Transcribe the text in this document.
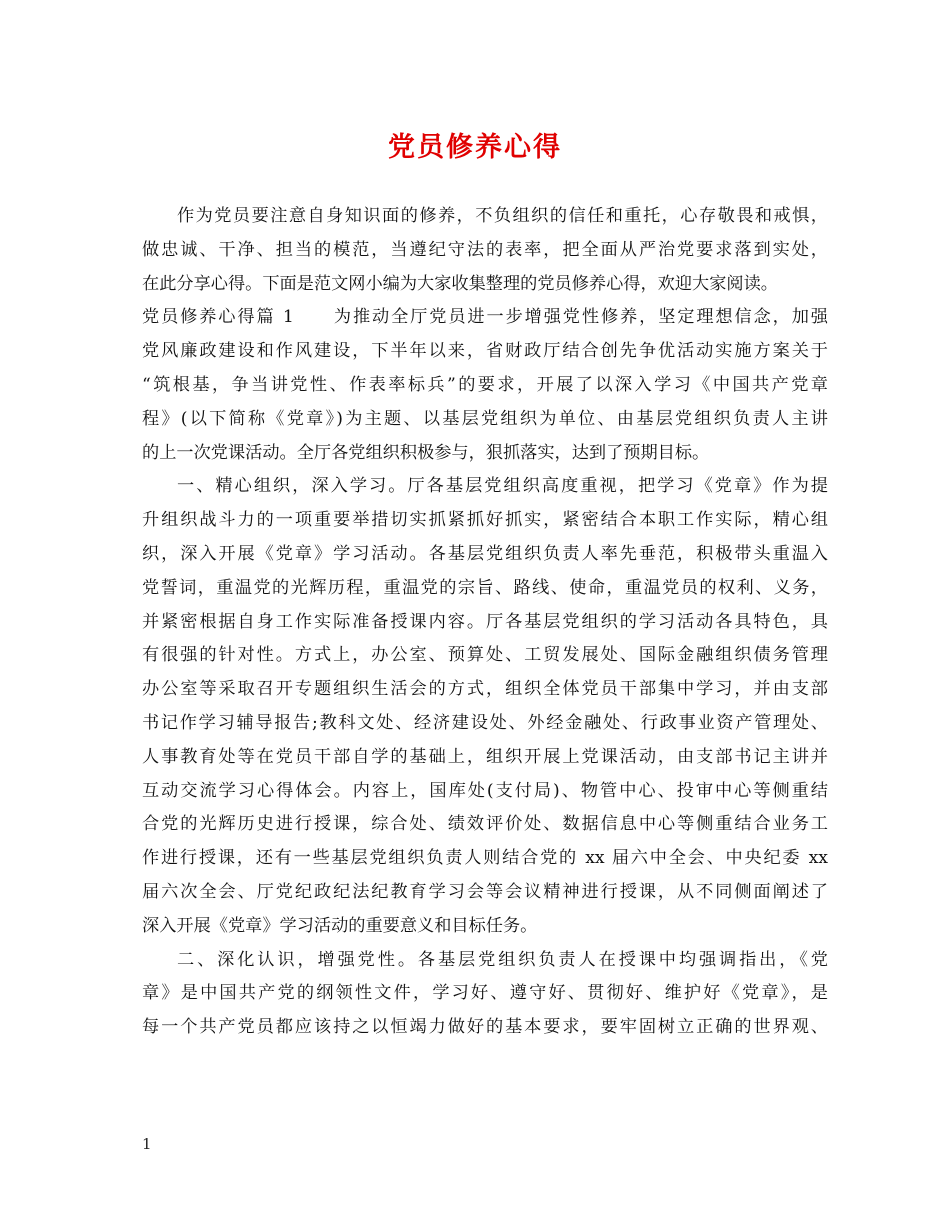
党员修养心得
作为党员要注意自身知识面的修养，不负组织的信任和重托，心存敬畏和戒惧，
做忠诚、干净、担当的模范，当遵纪守法的表率，把全面从严治党要求落到实处，
在此分享心得。下面是范文网小编为大家收集整理的党员修养心得，欢迎大家阅读。
党员修养心得篇 1　　为推动全厅党员进一步增强党性修养，坚定理想信念，加强
党风廉政建设和作风建设，下半年以来，省财政厅结合创先争优活动实施方案关于
“筑根基，争当讲党性、作表率标兵”的要求，开展了以深入学习《中国共产党章
程》(以下简称《党章》)为主题、以基层党组织为单位、由基层党组织负责人主讲
的上一次党课活动。全厅各党组织积极参与，狠抓落实，达到了预期目标。
一、精心组织，深入学习。厅各基层党组织高度重视，把学习《党章》作为提
升组织战斗力的一项重要举措切实抓紧抓好抓实，紧密结合本职工作实际，精心组
织，深入开展《党章》学习活动。各基层党组织负责人率先垂范，积极带头重温入
党誓词，重温党的光辉历程，重温党的宗旨、路线、使命，重温党员的权利、义务，
并紧密根据自身工作实际准备授课内容。厅各基层党组织的学习活动各具特色，具
有很强的针对性。方式上，办公室、预算处、工贸发展处、国际金融组织债务管理
办公室等采取召开专题组织生活会的方式，组织全体党员干部集中学习，并由支部
书记作学习辅导报告;教科文处、经济建设处、外经金融处、行政事业资产管理处、
人事教育处等在党员干部自学的基础上，组织开展上党课活动，由支部书记主讲并
互动交流学习心得体会。内容上，国库处(支付局)、物管中心、投审中心等侧重结
合党的光辉历史进行授课，综合处、绩效评价处、数据信息中心等侧重结合业务工
作进行授课，还有一些基层党组织负责人则结合党的 xx 届六中全会、中央纪委 xx
届六次全会、厅党纪政纪法纪教育学习会等会议精神进行授课，从不同侧面阐述了
深入开展《党章》学习活动的重要意义和目标任务。
二、深化认识，增强党性。各基层党组织负责人在授课中均强调指出，《党
章》是中国共产党的纲领性文件，学习好、遵守好、贯彻好、维护好《党章》，是
每一个共产党员都应该持之以恒竭力做好的基本要求，要牢固树立正确的世界观、
1
